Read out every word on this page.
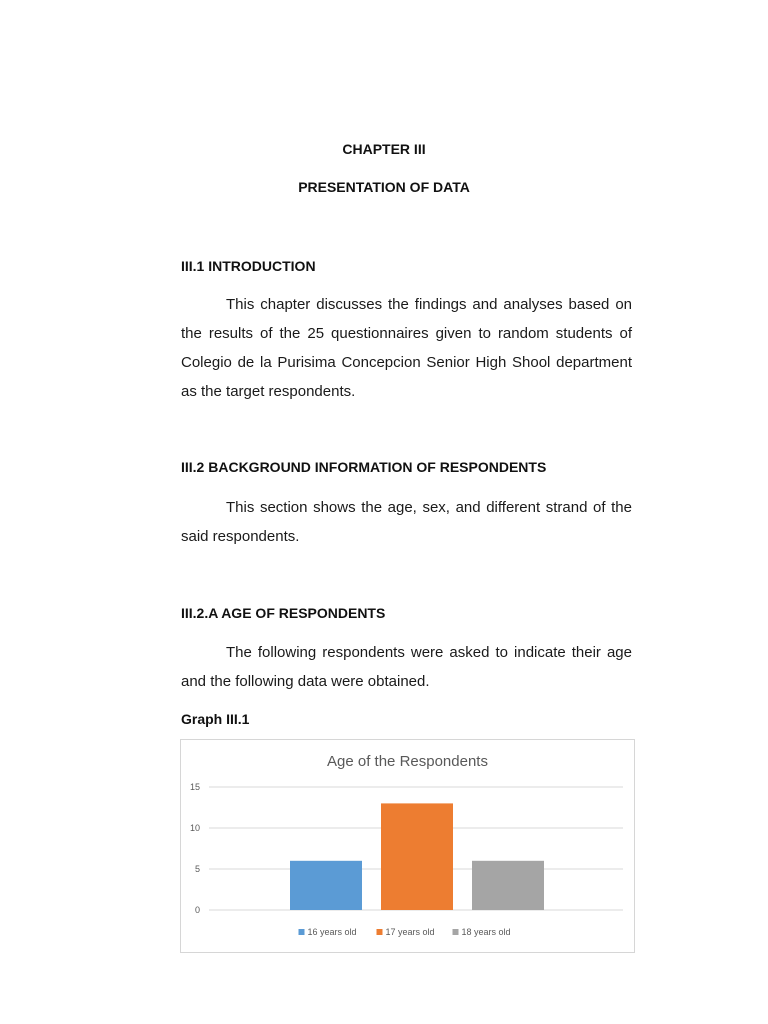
CHAPTER III
PRESENTATION OF DATA
III.1 INTRODUCTION
This chapter discusses the findings and analyses based on the results of the 25 questionnaires given to random students of Colegio de la Purisima Concepcion Senior High Shool department as the target respondents.
III.2 BACKGROUND INFORMATION OF RESPONDENTS
This section shows the age, sex, and different strand of the said respondents.
III.2.A AGE OF RESPONDENTS
The following respondents were asked to indicate their age and the following data were obtained.
Graph III.1
Age of the Respondents
0
5
10
15
16 years old	17 years old	18 years old
